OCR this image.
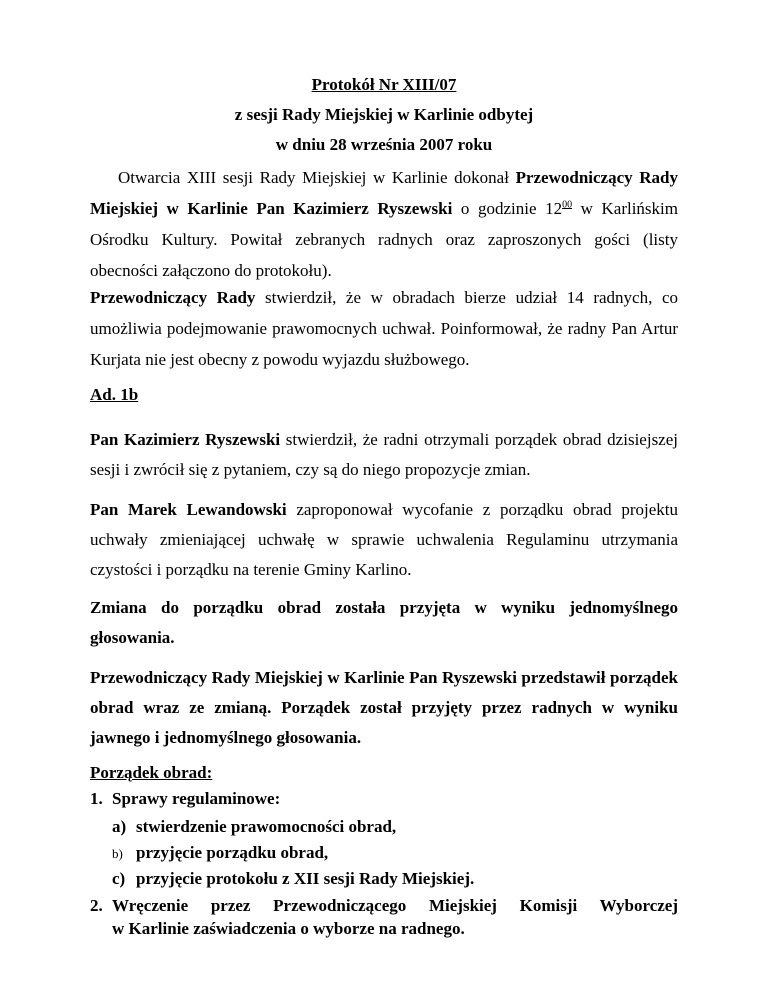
Protokół Nr XIII/07
z sesji Rady Miejskiej w Karlinie odbytej
w dniu 28 września 2007 roku
Otwarcia XIII sesji Rady Miejskiej w Karlinie dokonał Przewodniczący Rady Miejskiej w Karlinie Pan Kazimierz Ryszewski o godzinie $12^{00}$ w Karlińskim Ośrodku Kultury. Powitał zebranych radnych oraz zaproszonych gości (listy obecności załączono do protokołu).
Przewodniczący Rady stwierdził, że w obradach bierze udział 14 radnych, co umożliwia podejmowanie prawomocnych uchwał. Poinformował, że radny Pan Artur Kurjata nie jest obecny z powodu wyjazdu służbowego.
Ad. 1b
Pan Kazimierz Ryszewski stwierdził, że radni otrzymali porządek obrad dzisiejszej sesji i zwrócił się z pytaniem, czy są do niego propozycje zmian.
Pan Marek Lewandowski zaproponował wycofanie z porządku obrad projektu uchwały zmieniającej uchwałę w sprawie uchwalenia Regulaminu utrzymania czystości i porządku na terenie Gminy Karlino.
Zmiana do porządku obrad została przyjęta w wyniku jednomyślnego głosowania.
Przewodniczący Rady Miejskiej w Karlinie Pan Ryszewski przedstawił porządek obrad wraz ze zmianą. Porządek został przyjęty przez radnych w wyniku jawnego i jednomyślnego głosowania.
Porządek obrad:
1. Sprawy regulaminowe:
a) stwierdzenie prawomocności obrad,
b) przyjęcie porządku obrad,
c) przyjęcie protokołu z XII sesji Rady Miejskiej.
2. Wręczenie przez Przewodniczącego Miejskiej Komisji Wyborczej
w Karlinie zaświadczenia o wyborze na radnego.
